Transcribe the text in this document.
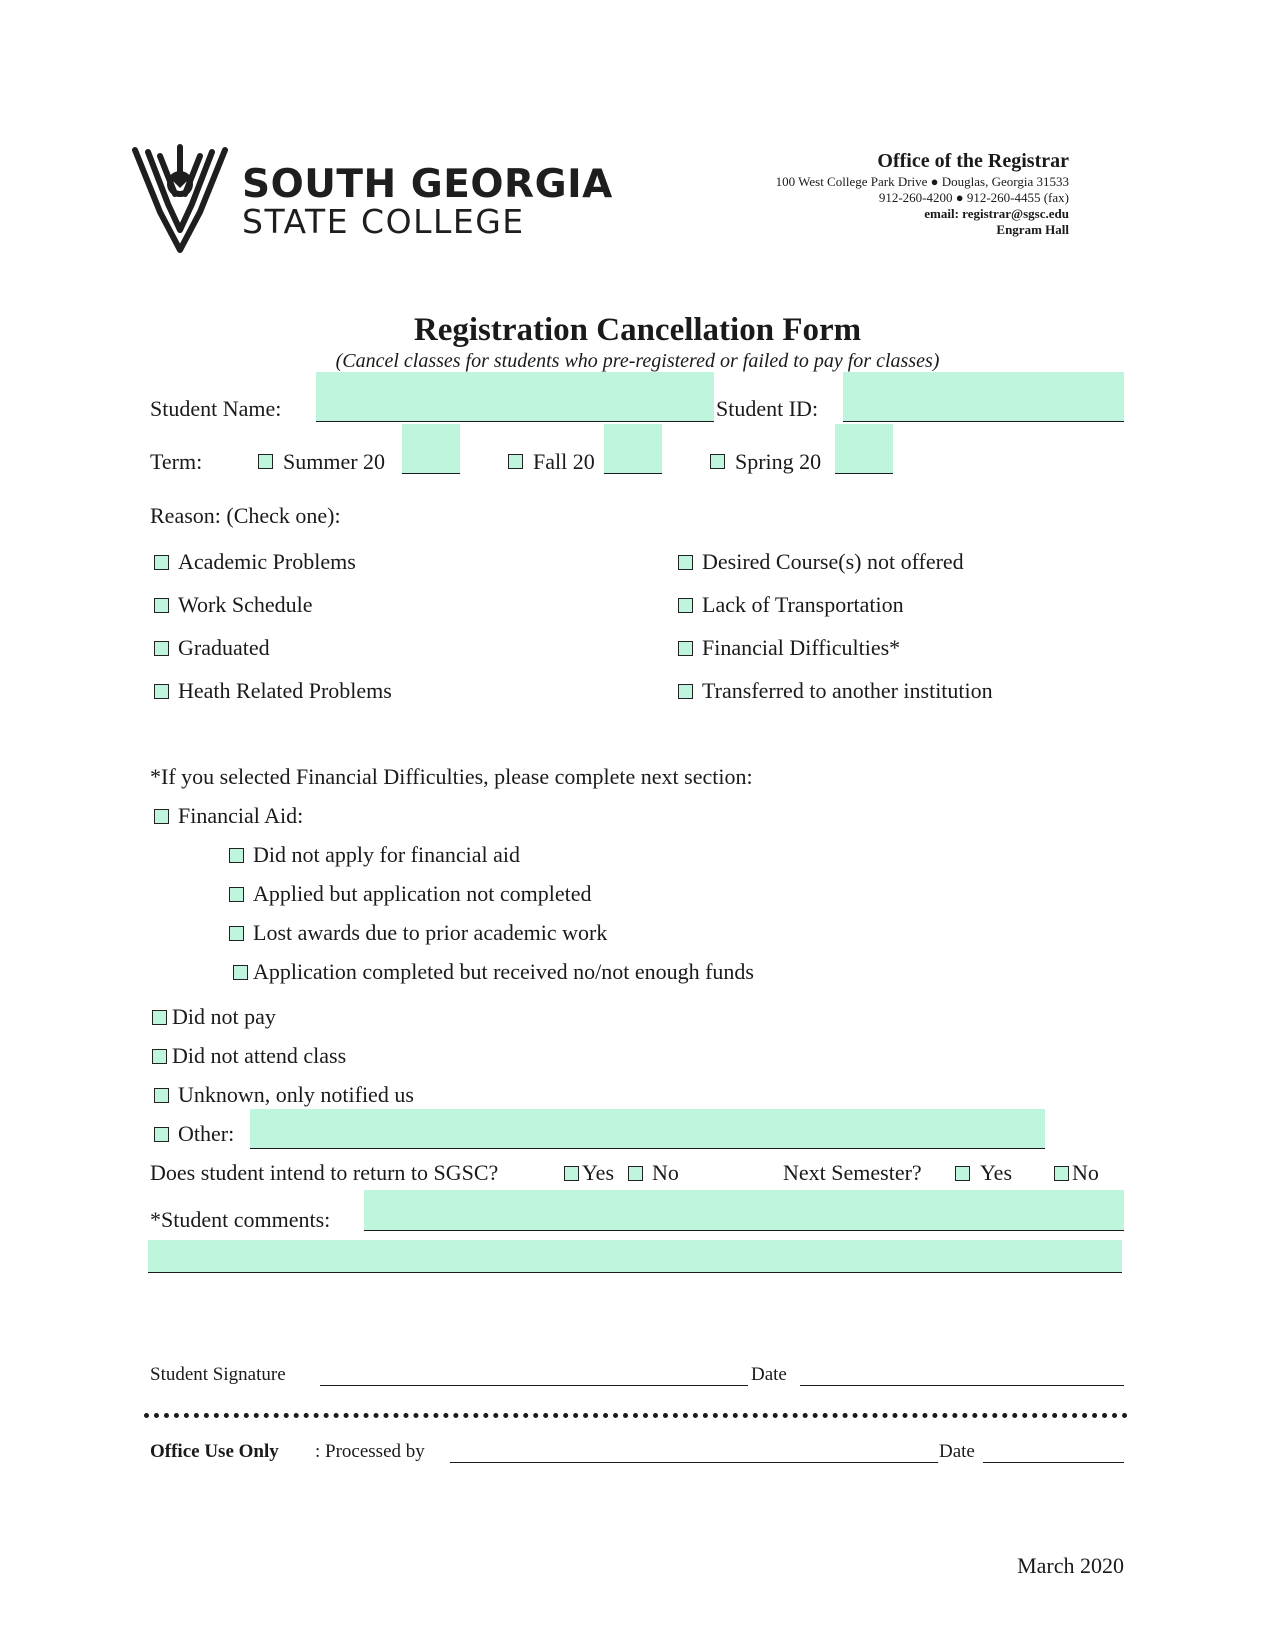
SOUTH GEORGIA
STATE COLLEGE
Office of the Registrar
100 West College Park Drive ● Douglas, Georgia 31533
912-260-4200 ● 912-260-4455 (fax)
email: registrar@sgsc.edu
Engram Hall
Registration Cancellation Form
(Cancel classes for students who pre-registered or failed to pay for classes)
Student Name:	Student ID:
Term:	Summer 20	Fall 20	Spring 20
Reason: (Check one):
Academic Problems
Work Schedule
Graduated
Heath Related Problems
Desired Course(s) not offered
Lack of Transportation
Financial Difficulties*
Transferred to another institution
*If you selected Financial Difficulties, please complete next section:
Financial Aid:
Did not apply for financial aid
Applied but application not completed
Lost awards due to prior academic work
Application completed but received no/not enough funds
Did not pay
Did not attend class
Unknown, only notified us
Other:
Does student intend to return to SGSC?	Yes No	Next Semester?	Yes	No
*Student comments:
Student Signature	Date
Office Use Only : Processed by	Date
March 2020
